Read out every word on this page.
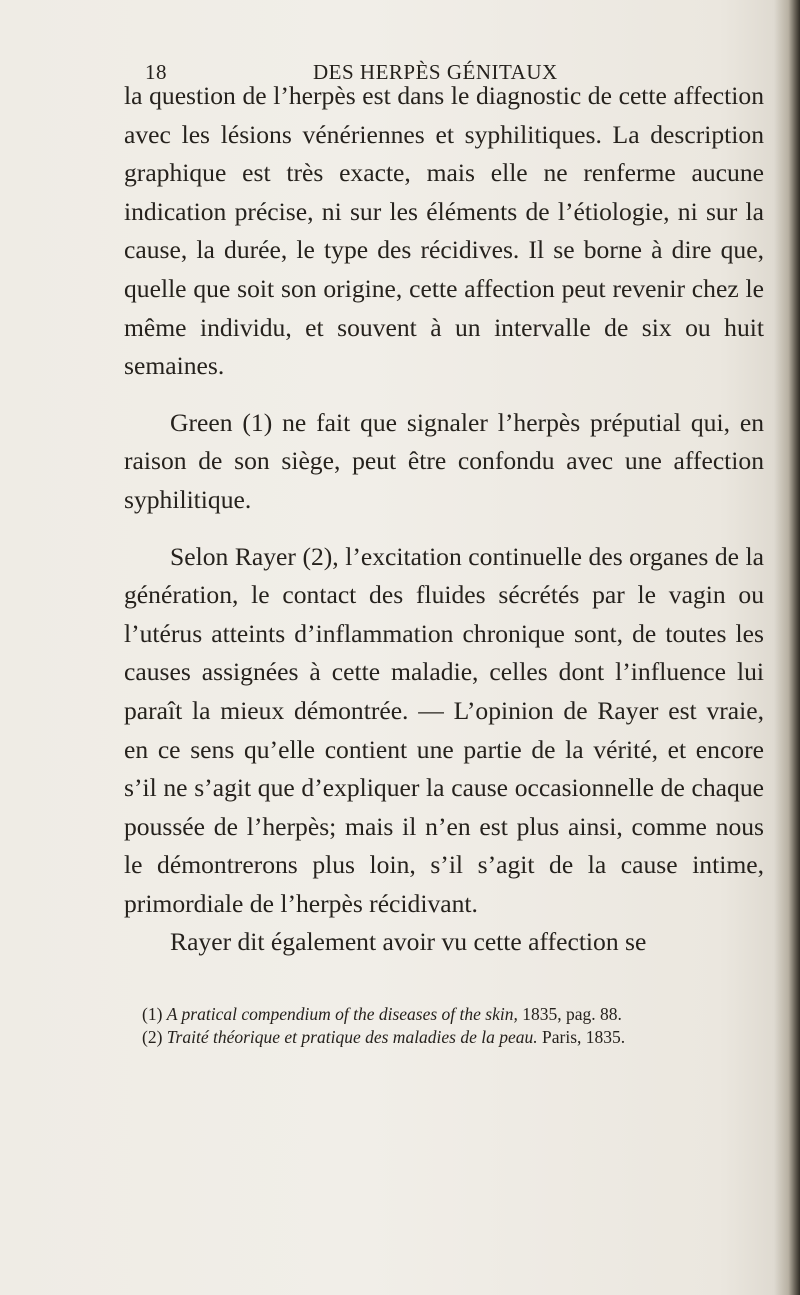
18	DES HERPÈS GÉNITAUX

la question de l’herpès est dans le diagnostic de cette affection avec les lésions vénériennes et syphilitiques. La description graphique est très exacte, mais elle ne renferme aucune indication précise, ni sur les éléments de l’étiologie, ni sur la cause, la durée, le type des récidives. Il se borne à dire que, quelle que soit son origine, cette affection peut revenir chez le même individu, et souvent à un intervalle de six ou huit semaines.

Green (1) ne fait que signaler l’herpès préputial qui, en raison de son siège, peut être confondu avec une affection syphilitique.

Selon Rayer (2), l’excitation continuelle des organes de la génération, le contact des fluides sécrétés par le vagin ou l’utérus atteints d’inflammation chronique sont, de toutes les causes assignées à cette maladie, celles dont l’influence lui paraît la mieux démontrée. — L’opinion de Rayer est vraie, en ce sens qu’elle contient une partie de la vérité, et encore s’il ne s’agit que d’expliquer la cause occasionnelle de chaque poussée de l’herpès; mais il n’en est plus ainsi, comme nous le démontrerons plus loin, s’il s’agit de la cause intime, primordiale de l’herpès récidivant.

Rayer dit également avoir vu cette affection se

(1) A pratical compendium of the diseases of the skin, 1835, pag. 88.
(2) Traité théorique et pratique des maladies de la peau. Paris, 1835.
